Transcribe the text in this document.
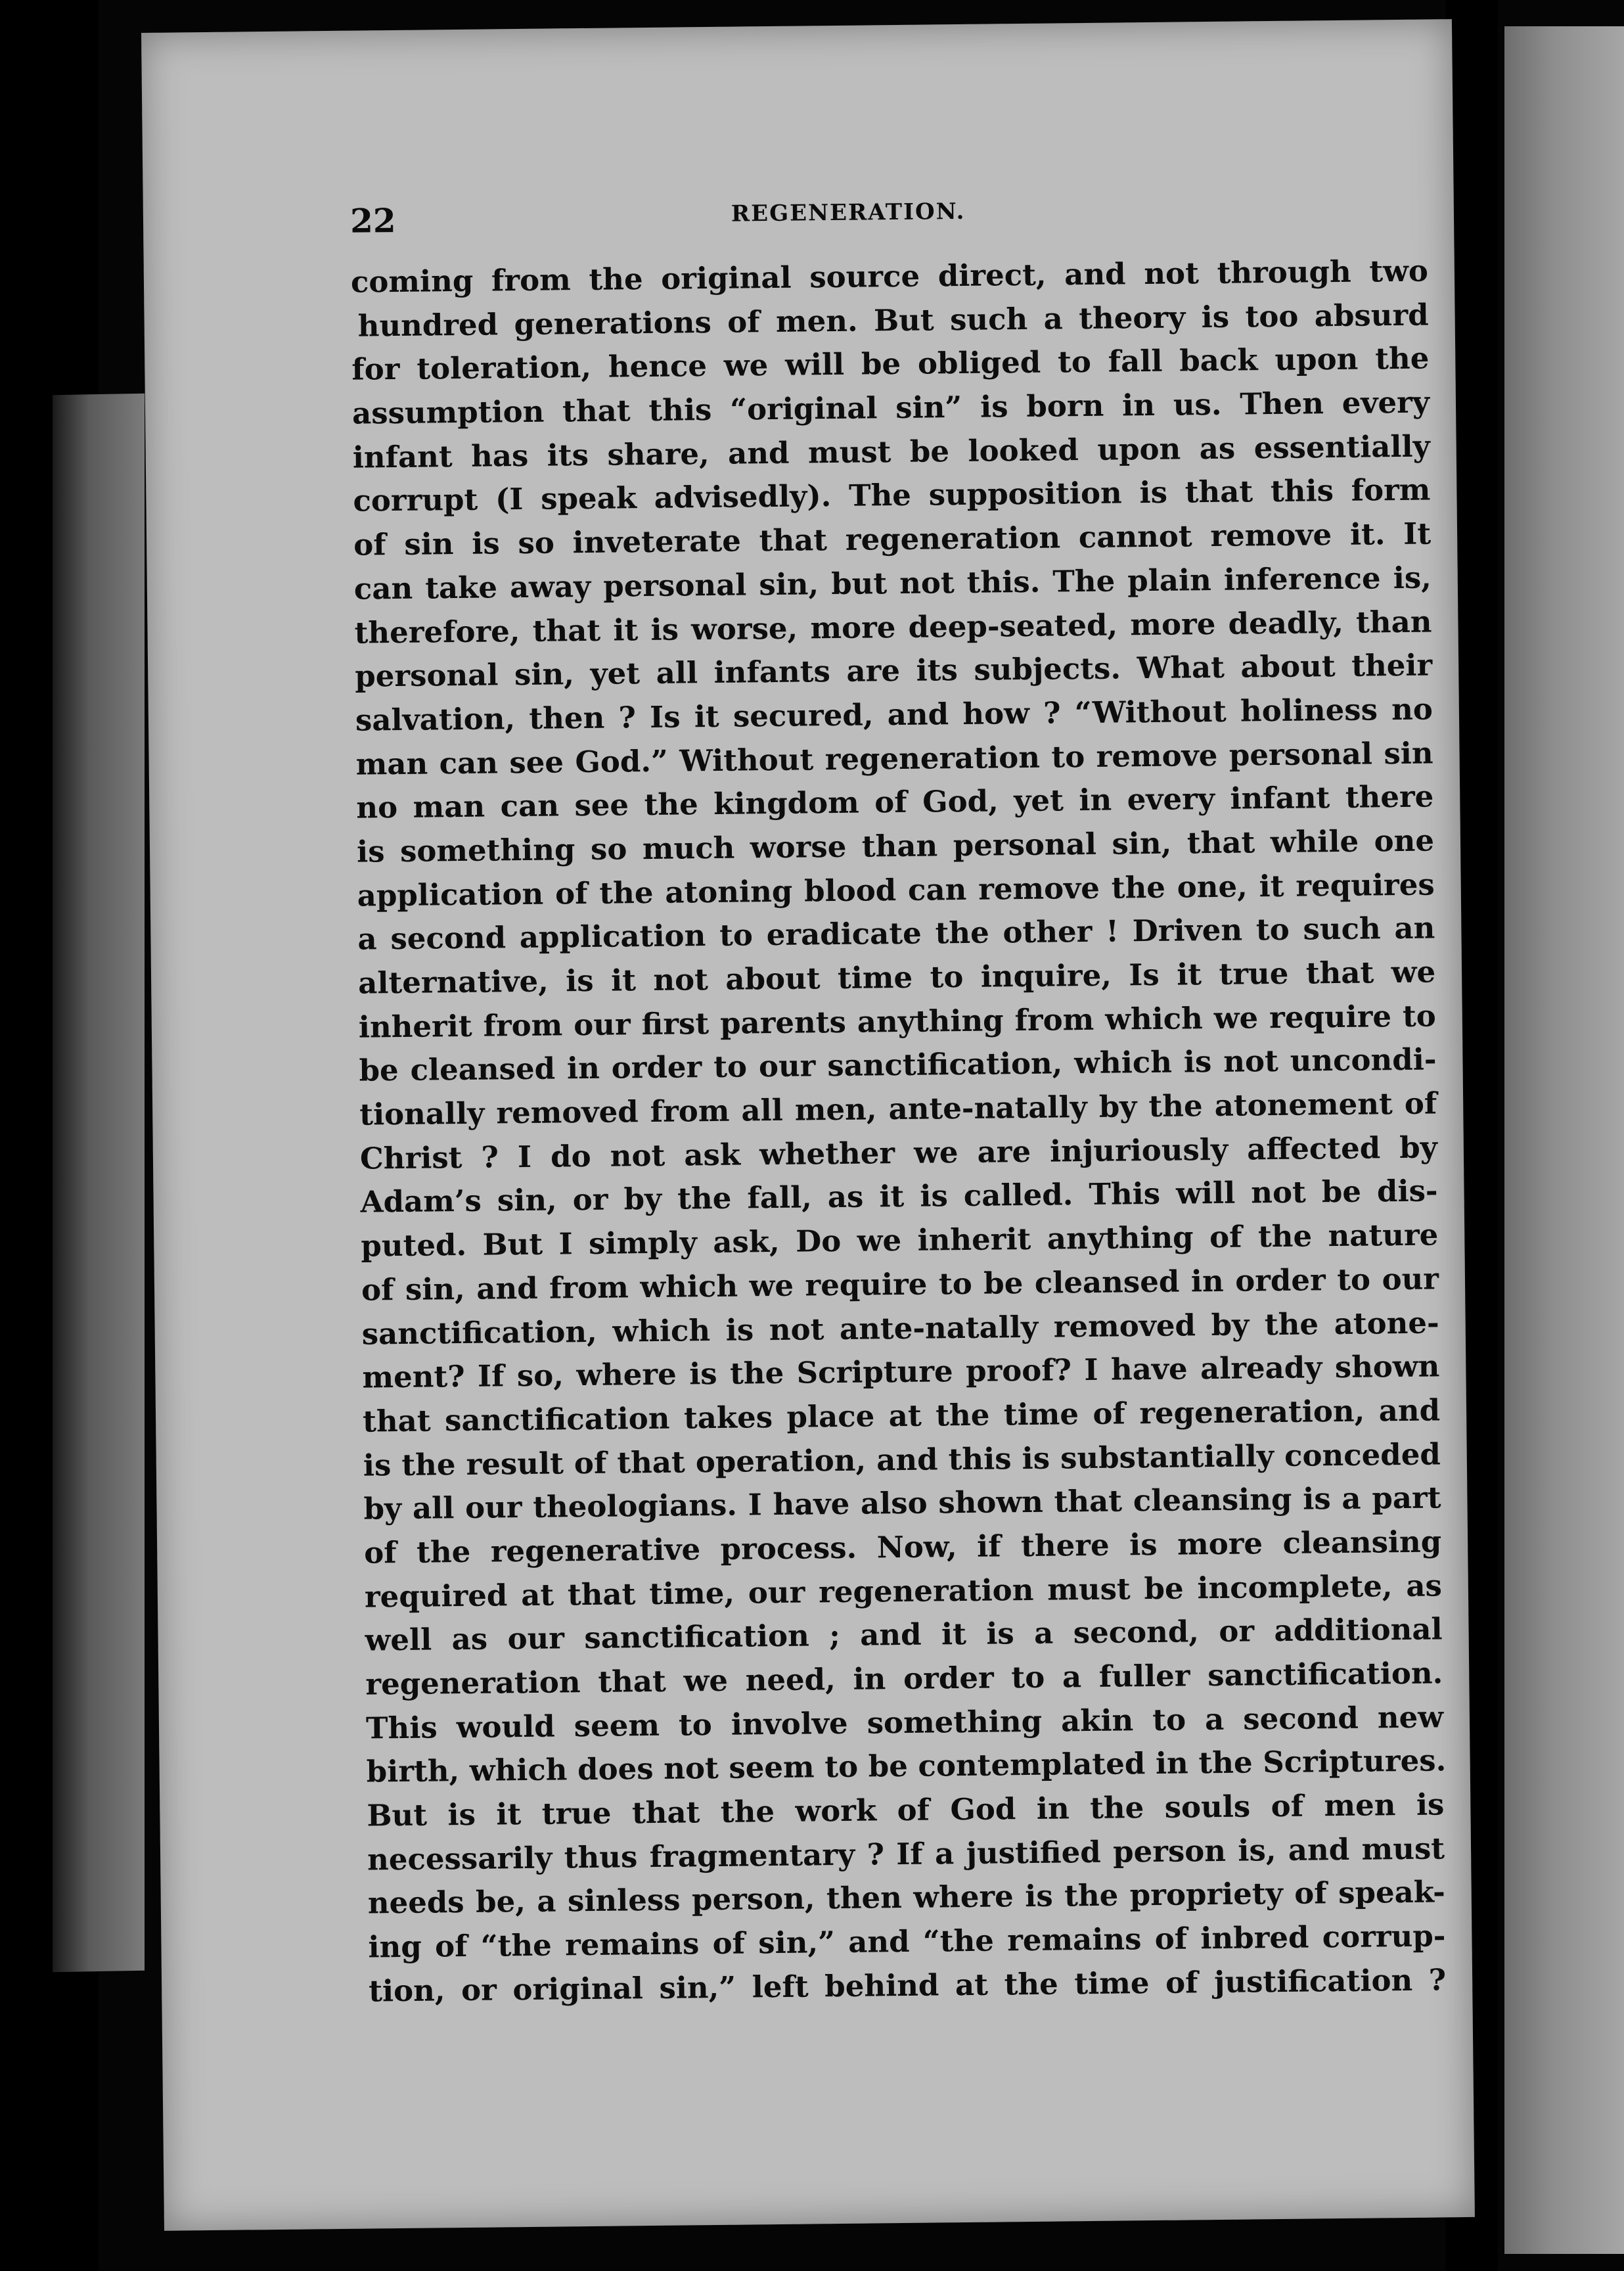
22	REGENERATION.
coming from the original source direct, and not through two
hundred generations of men. But such a theory is too absurd
for toleration, hence we will be obliged to fall back upon the
assumption that this “original sin” is born in us. Then every
infant has its share, and must be looked upon as essentially
corrupt (I speak advisedly). The supposition is that this form
of sin is so inveterate that regeneration cannot remove it. It
can take away personal sin, but not this. The plain inference is,
therefore, that it is worse, more deep-seated, more deadly, than
personal sin, yet all infants are its subjects. What about their
salvation, then ? Is it secured, and how ? “Without holiness no
man can see God.” Without regeneration to remove personal sin
no man can see the kingdom of God, yet in every infant there
is something so much worse than personal sin, that while one
application of the atoning blood can remove the one, it requires
a second application to eradicate the other ! Driven to such an
alternative, is it not about time to inquire, Is it true that we
inherit from our first parents anything from which we require to
be cleansed in order to our sanctification, which is not uncondi-
tionally removed from all men, ante-natally by the atonement of
Christ ? I do not ask whether we are injuriously affected by
Adam’s sin, or by the fall, as it is called. This will not be dis-
puted. But I simply ask, Do we inherit anything of the nature
of sin, and from which we require to be cleansed in order to our
sanctification, which is not ante-natally removed by the atone-
ment? If so, where is the Scripture proof? I have already shown
that sanctification takes place at the time of regeneration, and
is the result of that operation, and this is substantially conceded
by all our theologians. I have also shown that cleansing is a part
of the regenerative process. Now, if there is more cleansing
required at that time, our regeneration must be incomplete, as
well as our sanctification ; and it is a second, or additional
regeneration that we need, in order to a fuller sanctification.
This would seem to involve something akin to a second new
birth, which does not seem to be contemplated in the Scriptures.
But is it true that the work of God in the souls of men is
necessarily thus fragmentary ? If a justified person is, and must
needs be, a sinless person, then where is the propriety of speak-
ing of “the remains of sin,” and “the remains of inbred corrup-
tion, or original sin,” left behind at the time of justification ?
